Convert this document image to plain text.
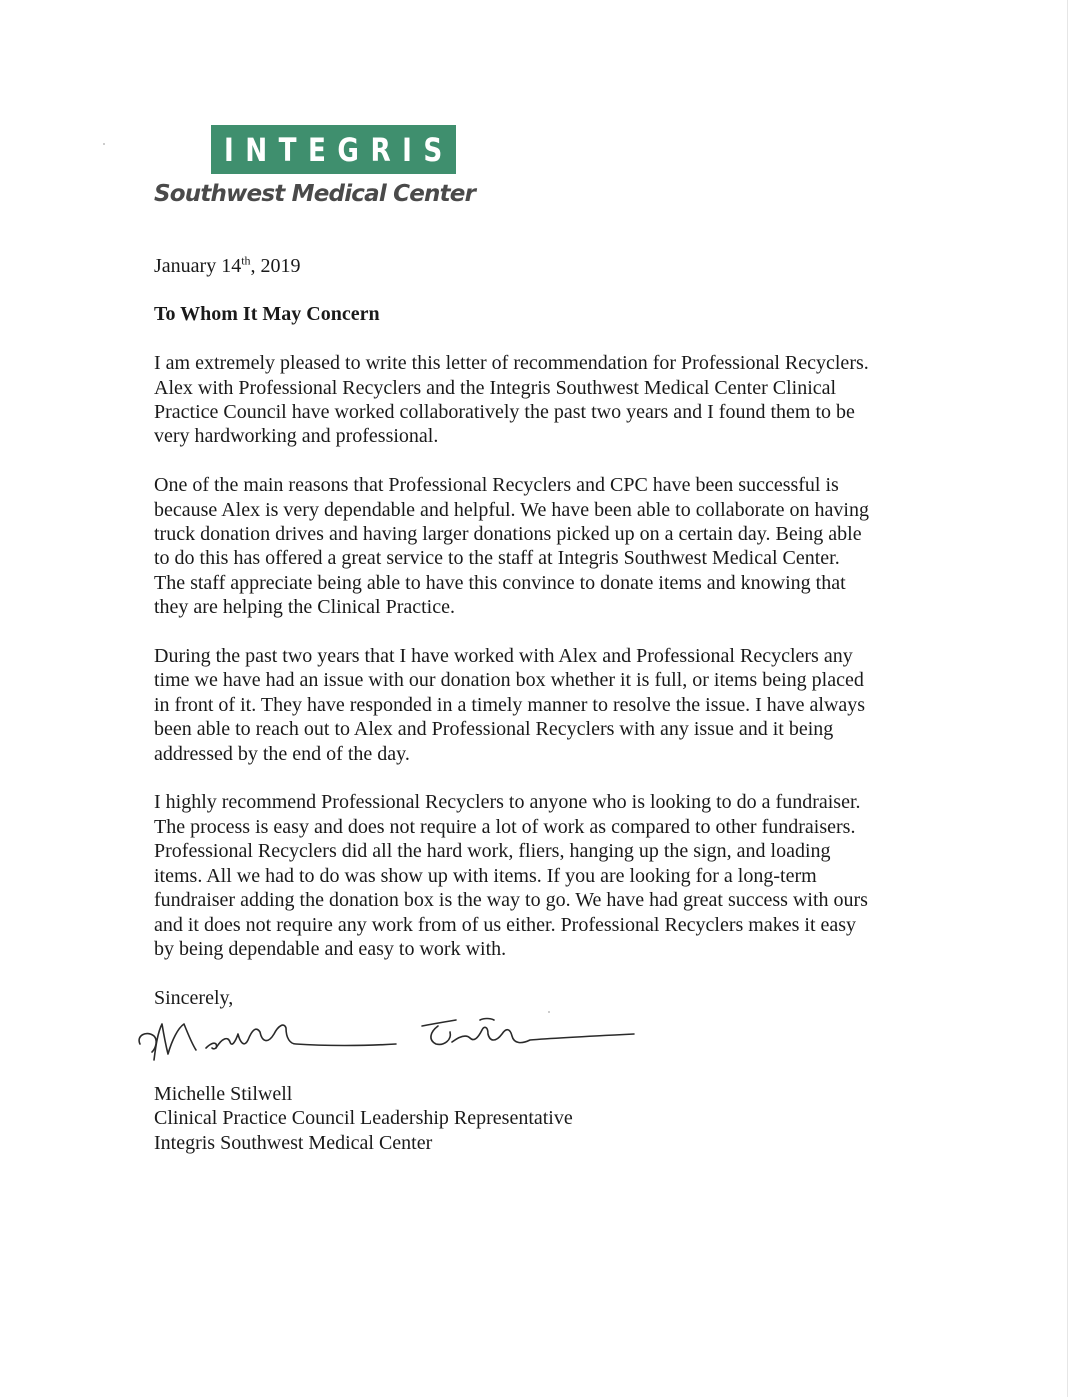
INTEGRIS
Southwest Medical Center

January 14th, 2019

To Whom It May Concern

I am extremely pleased to write this letter of recommendation for Professional Recyclers.
Alex with Professional Recyclers and the Integris Southwest Medical Center Clinical
Practice Council have worked collaboratively the past two years and I found them to be
very hardworking and professional.

One of the main reasons that Professional Recyclers and CPC have been successful is
because Alex is very dependable and helpful. We have been able to collaborate on having
truck donation drives and having larger donations picked up on a certain day. Being able
to do this has offered a great service to the staff at Integris Southwest Medical Center.
The staff appreciate being able to have this convince to donate items and knowing that
they are helping the Clinical Practice.

During the past two years that I have worked with Alex and Professional Recyclers any
time we have had an issue with our donation box whether it is full, or items being placed
in front of it. They have responded in a timely manner to resolve the issue. I have always
been able to reach out to Alex and Professional Recyclers with any issue and it being
addressed by the end of the day.

I highly recommend Professional Recyclers to anyone who is looking to do a fundraiser.
The process is easy and does not require a lot of work as compared to other fundraisers.
Professional Recyclers did all the hard work, fliers, hanging up the sign, and loading
items. All we had to do was show up with items. If you are looking for a long-term
fundraiser adding the donation box is the way to go. We have had great success with ours
and it does not require any work from of us either. Professional Recyclers makes it easy
by being dependable and easy to work with.

Sincerely,

Michelle Stilwell
Clinical Practice Council Leadership Representative
Integris Southwest Medical Center
